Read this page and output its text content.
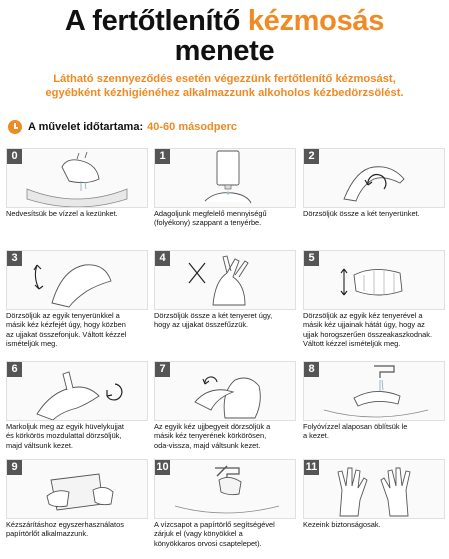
A fertőtlenítő kézmosás
menete
Látható szennyeződés esetén végezzünk fertőtlenítő kézmosást,
egyébként kézhigiénéhez alkalmazzunk alkoholos kézbedörzsölést.
A művelet időtartama: 40-60 másodperc
0
Nedvesítsük be vízzel a kezünket.
1
Adagoljunk megfelelő mennyiségű
(folyékony) szappant a tenyérbe.
2
Dörzsöljük össze a két tenyerünket.
3
Dörzsöljük az egyik tenyerünkkel a
másik kéz kézfejét úgy, hogy közben
az ujjakat összefonjuk. Váltott kézzel
ismételjük meg.
4
Dörzsöljük össze a két tenyeret úgy,
hogy az ujjakat összefűzzük.
5
Dörzsöljük az egyik kéz tenyerével a
másik kéz ujjainak hátát úgy, hogy az
ujjak horogszerűen összeakaszkodnak.
Váltott kézzel ismételjük meg.
6
Markoljuk meg az egyik hüvelykujjat
és körkörös mozdulattal dörzsöljük,
majd váltsunk kezet.
7
Az egyik kéz ujjbegyeit dörzsöljük a
másik kéz tenyerének körkörösen,
oda-vissza, majd váltsunk kezet.
8
Folyóvízzel alaposan öblítsük le
a kezet.
9
Kézszárításhoz egyszerhasználatos
papírtörlőt alkalmazzunk.
10
A vízcsapot a papírtörlő segítségével
zárjuk el (vagy könyökkel a
könyökkaros orvosi csaptelepet).
11
Kezeink biztonságosak.
